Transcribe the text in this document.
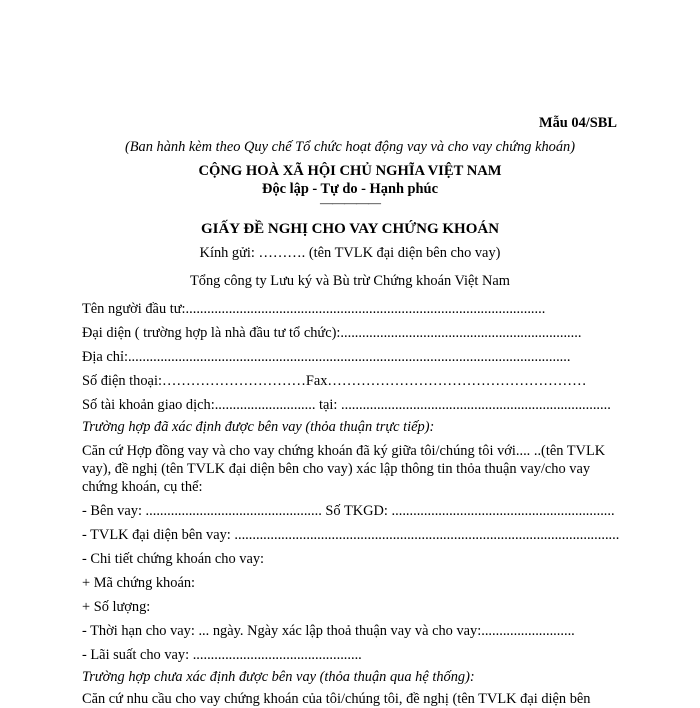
Mẫu 04/SBL
(Ban hành kèm theo Quy chế Tổ chức hoạt động vay và cho vay chứng khoán)
CỘNG HOÀ XÃ HỘI CHỦ NGHĨA VIỆT NAM
Độc lập - Tự do - Hạnh phúc
—————
GIẤY ĐỀ NGHỊ CHO VAY CHỨNG KHOÁN
Kính gửi: ………. (tên TVLK đại diện bên cho vay)
Tổng công ty Lưu ký và Bù trừ Chứng khoán Việt Nam
Tên người đầu tư:....................................................................................................
Đại diện ( trường hợp là nhà đầu tư tổ chức):...................................................................
Địa chỉ:...........................................................................................................................
Số điện thoại:…………………………Fax………………………………………………
Số tài khoản giao dịch:............................ tại: ...........................................................................
Trường hợp đã xác định được bên vay (thỏa thuận trực tiếp):
Căn cứ Hợp đồng vay và cho vay chứng khoán đã ký giữa tôi/chúng tôi với.... ..(tên TVLK vay), đề nghị (tên TVLK đại diện bên cho vay) xác lập thông tin thỏa thuận vay/cho vay chứng khoán, cụ thể:
- Bên vay: ................................................. Số TKGD: ..............................................................
- TVLK đại diện bên vay: ...........................................................................................................
- Chi tiết chứng khoán cho vay:
+ Mã chứng khoán:
+ Số lượng:
- Thời hạn cho vay: ... ngày. Ngày xác lập thoả thuận vay và cho vay:..........................
- Lãi suất cho vay: ...............................................
Trường hợp chưa xác định được bên vay (thỏa thuận qua hệ thống):
Căn cứ nhu cầu cho vay chứng khoán của tôi/chúng tôi, đề nghị (tên TVLK đại diện bên
